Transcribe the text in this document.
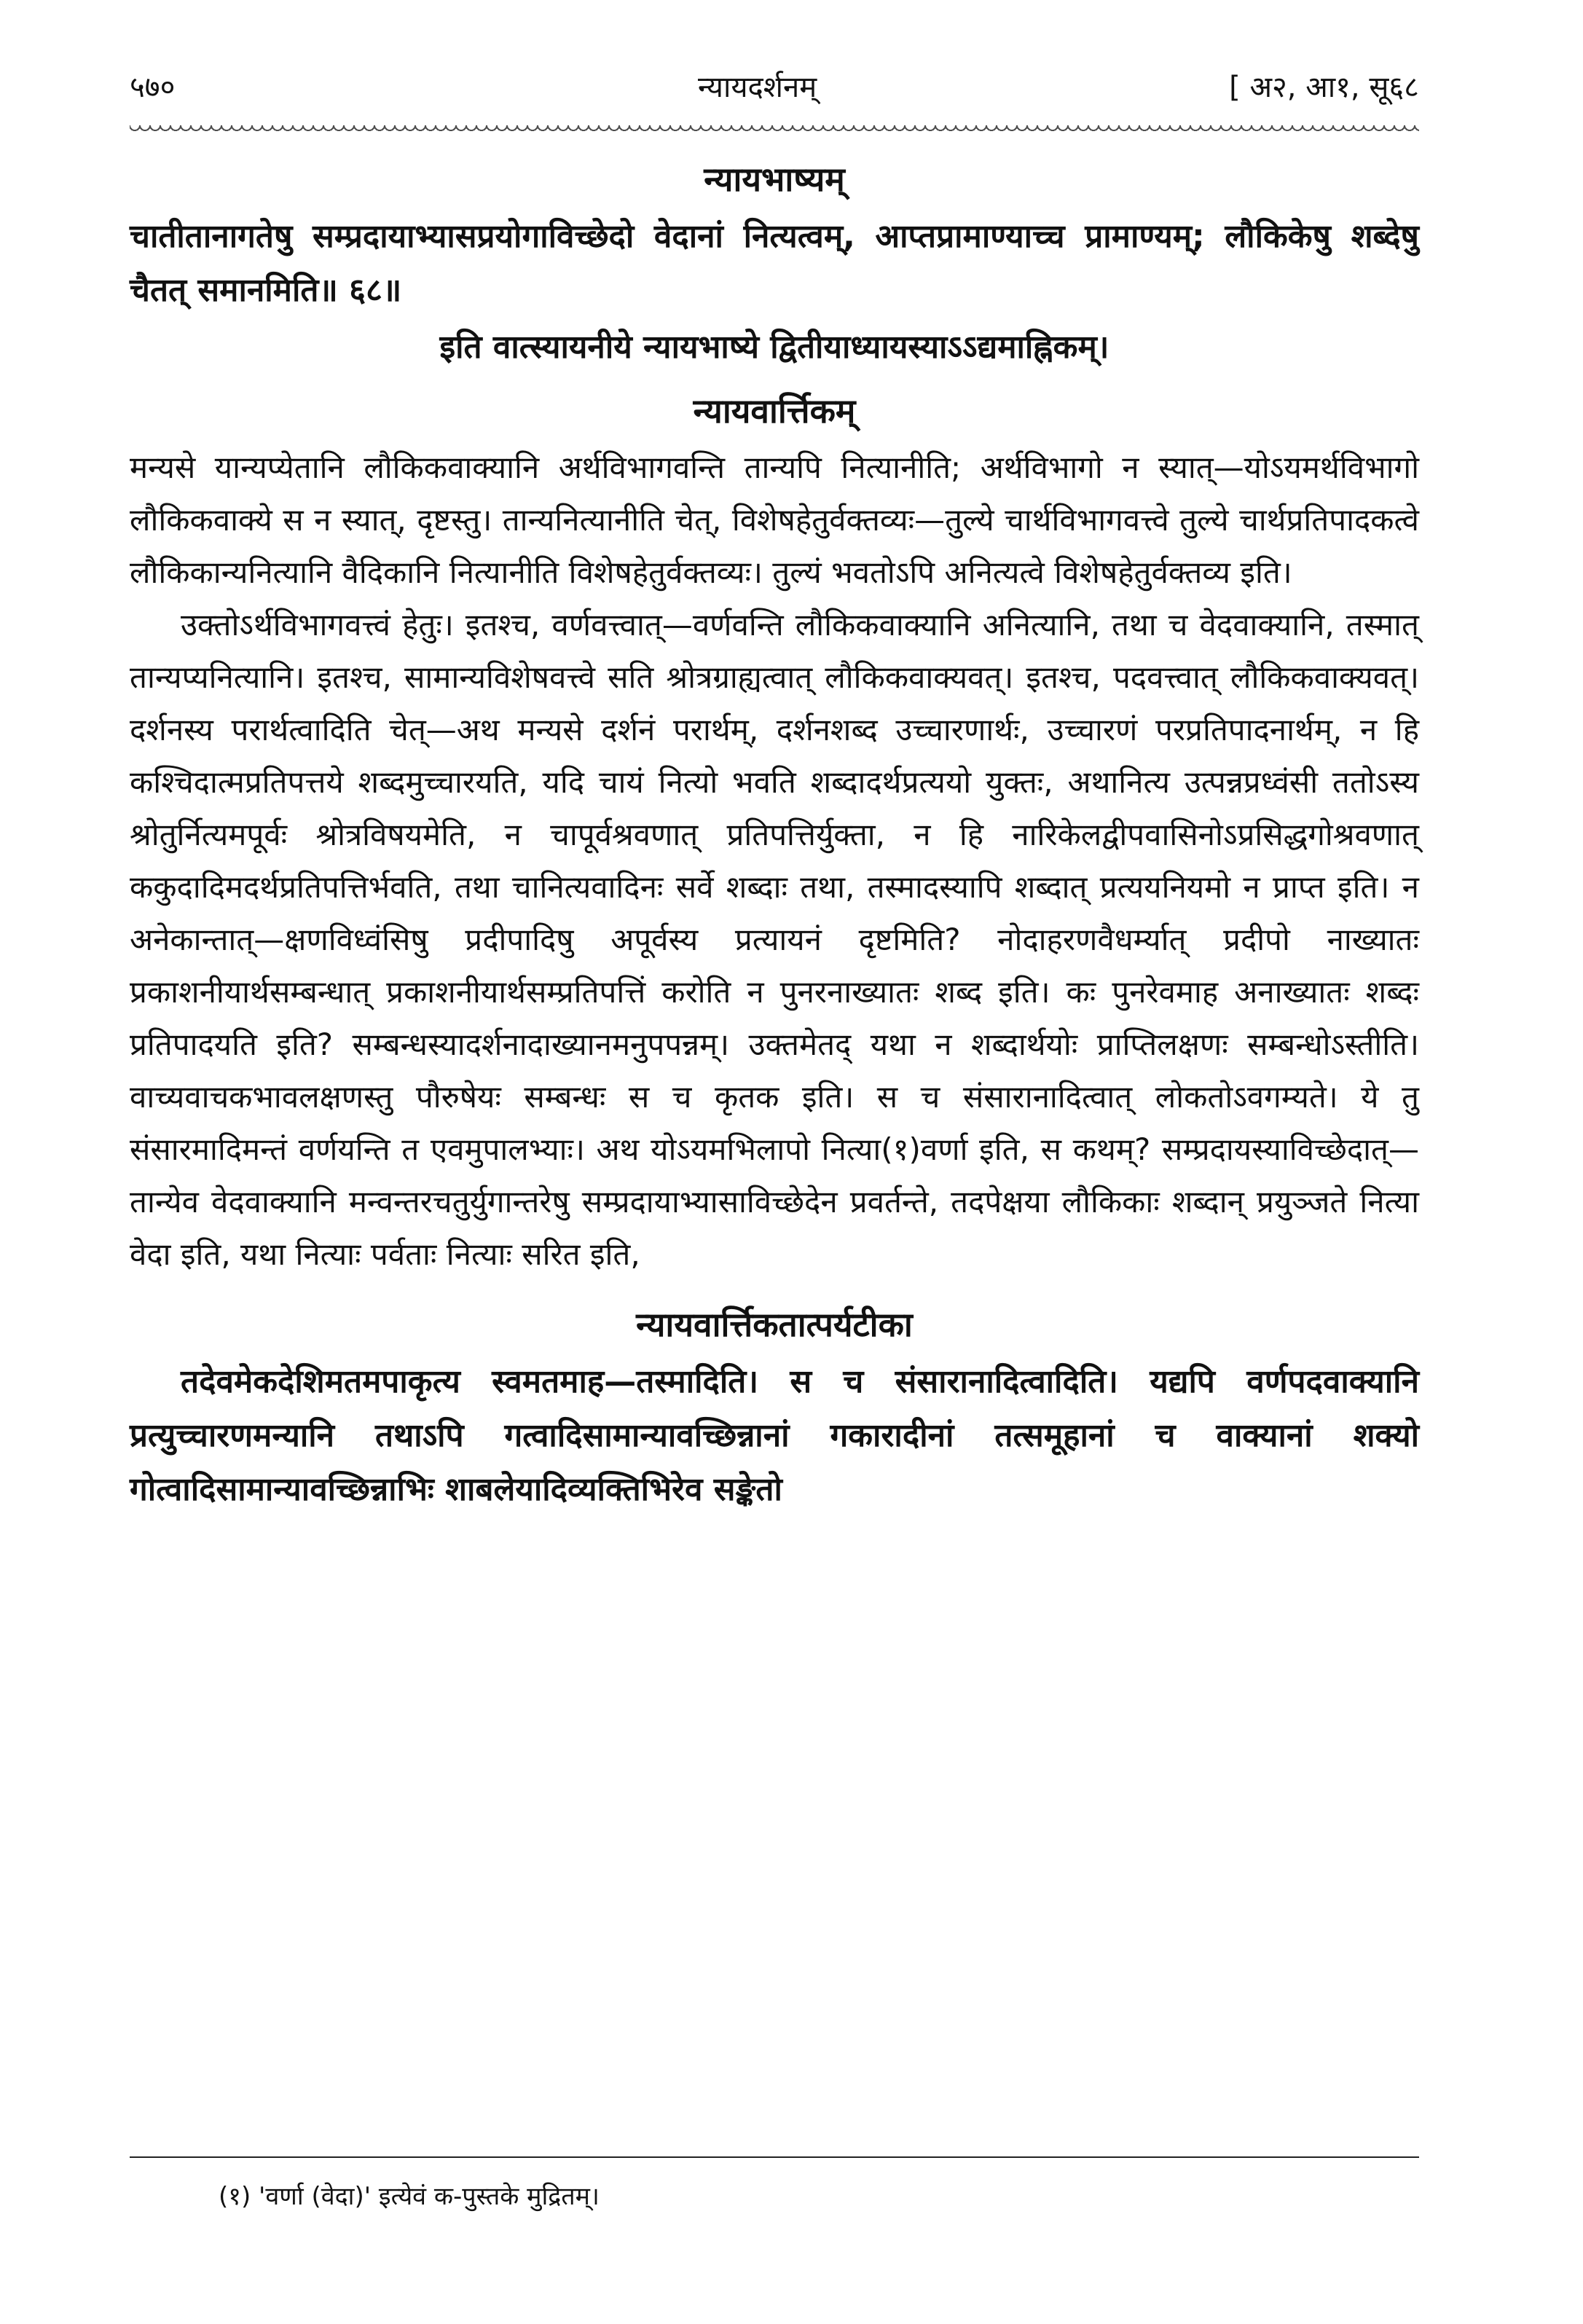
५७०	न्यायदर्शनम्	[ अ२, आ१, सू६८
न्यायभाष्यम्

चातीतानागतेषु सम्प्रदायाभ्यासप्रयोगाविच्छेदो वेदानां नित्यत्वम्, आप्तप्रामाण्याच्च प्रामाण्यम्; लौकिकेषु शब्देषु चैतत् समानमिति॥ ६८॥

इति वात्स्यायनीये न्यायभाष्ये द्वितीयाध्यायस्याऽऽद्यमाह्निकम्।
न्यायवार्त्तिकम्

मन्यसे यान्यप्येतानि लौकिकवाक्यानि अर्थविभागवन्ति तान्यपि नित्यानीति; अर्थविभागो न स्यात्—योऽयमर्थविभागो लौकिकवाक्ये स न स्यात्, दृष्टस्तु। तान्यनित्यानीति चेत्, विशेषहेतुर्वक्तव्यः—तुल्ये चार्थविभागवत्त्वे तुल्ये चार्थप्रतिपादकत्वे लौकिकान्यनित्यानि वैदिकानि नित्यानीति विशेषहेतुर्वक्तव्यः। तुल्यं भवतोऽपि अनित्यत्वे विशेषहेतुर्वक्तव्य इति।

उक्तोऽर्थविभागवत्त्वं हेतुः। इतश्च, वर्णवत्त्वात्—वर्णवन्ति लौकिकवाक्यानि अनित्यानि, तथा च वेदवाक्यानि, तस्मात् तान्यप्यनित्यानि। इतश्च, सामान्यविशेषवत्त्वे सति श्रोत्रग्राह्यत्वात् लौकिकवाक्यवत्। इतश्च, पदवत्त्वात् लौकिकवाक्यवत्। दर्शनस्य परार्थत्वादिति चेत्—अथ मन्यसे दर्शनं परार्थम्, दर्शनशब्द उच्चारणार्थः, उच्चारणं परप्रतिपादनार्थम्, न हि कश्चिदात्मप्रतिपत्तये शब्दमुच्चारयति, यदि चायं नित्यो भवति शब्दादर्थप्रत्ययो युक्तः, अथानित्य उत्पन्नप्रध्वंसी ततोऽस्य श्रोतुर्नित्यमपूर्वः श्रोत्रविषयमेति, न चापूर्वश्रवणात् प्रतिपत्तिर्युक्ता, न हि नारिकेलद्वीपवासिनोऽप्रसिद्धगोश्रवणात् ककुदादिमदर्थप्रतिपत्तिर्भवति, तथा चानित्यवादिनः सर्वे शब्दाः तथा, तस्मादस्यापि शब्दात् प्रत्ययनियमो न प्राप्त इति। न अनेकान्तात्—क्षणविध्वंसिषु प्रदीपादिषु अपूर्वस्य प्रत्यायनं दृष्टमिति? नोदाहरणवैधर्म्यात् प्रदीपो नाख्यातः प्रकाशनीयार्थसम्बन्धात् प्रकाशनीयार्थसम्प्रतिपत्तिं करोति न पुनरनाख्यातः शब्द इति। कः पुनरेवमाह अनाख्यातः शब्दः प्रतिपादयति इति? सम्बन्धस्यादर्शनादाख्यानमनुपपन्नम्। उक्तमेतद् यथा न शब्दार्थयोः प्राप्तिलक्षणः सम्बन्धोऽस्तीति। वाच्यवाचकभावलक्षणस्तु पौरुषेयः सम्बन्धः स च कृतक इति। स च संसारानादित्वात् लोकतोऽवगम्यते। ये तु संसारमादिमन्तं वर्णयन्ति त एवमुपालभ्याः। अथ योऽयमभिलापो नित्या(१)वर्णा इति, स कथम्? सम्प्रदायस्याविच्छेदात्—तान्येव वेदवाक्यानि मन्वन्तरचतुर्युगान्तरेषु सम्प्रदायाभ्यासाविच्छेदेन प्रवर्तन्ते, तदपेक्षया लौकिकाः शब्दान् प्रयुञ्जते नित्या वेदा इति, यथा नित्याः पर्वताः नित्याः सरित इति,

न्यायवार्त्तिकतात्पर्यटीका

तदेवमेकदेशिमतमपाकृत्य स्वमतमाह—तस्मादिति। स च संसारानादित्वादिति। यद्यपि वर्णपदवाक्यानि प्रत्युच्चारणमन्यानि तथाऽपि गत्वादिसामान्यावच्छिन्नानां गकारादीनां तत्समूहानां च वाक्यानां शक्यो गोत्वादिसामान्यावच्छिन्नाभिः शाबलेयादिव्यक्तिभिरेव सङ्केतो

(१) 'वर्णा (वेदा)' इत्येवं क-पुस्तके मुद्रितम्।
